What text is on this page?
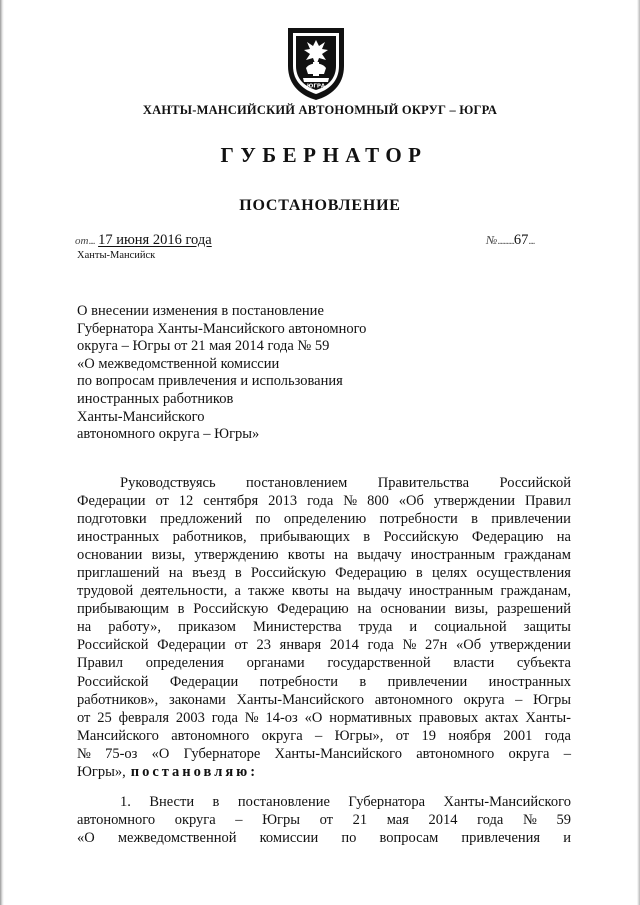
ЮГРА
ХАНТЫ-МАНСИЙСКИЙ АВТОНОМНЫЙ ОКРУГ – ЮГРА
ГУБЕРНАТОР
ПОСТАНОВЛЕНИЕ
от.... 17 июня 2016 года
Ханты-Мансийск
№...........67....
О внесении изменения в постановление
Губернатора Ханты-Мансийского автономного
округа – Югры от 21 мая 2014 года № 59
«О межведомственной комиссии
по вопросам привлечения и использования
иностранных работников
Ханты-Мансийского
автономного округа – Югры»
Руководствуясь постановлением Правительства Российской
Федерации от 12 сентября 2013 года № 800 «Об утверждении Правил
подготовки предложений по определению потребности в привлечении
иностранных работников, прибывающих в Российскую Федерацию на
основании визы, утверждению квоты на выдачу иностранным гражданам
приглашений на въезд в Российскую Федерацию в целях осуществления
трудовой деятельности, а также квоты на выдачу иностранным гражданам,
прибывающим в Российскую Федерацию на основании визы, разрешений
на работу», приказом Министерства труда и социальной защиты
Российской Федерации от 23 января 2014 года № 27н «Об утверждении
Правил определения органами государственной власти субъекта
Российской Федерации потребности в привлечении иностранных
работников», законами Ханты-Мансийского автономного округа – Югры
от 25 февраля 2003 года № 14-оз «О нормативных правовых актах Ханты-
Мансийского автономного округа – Югры», от 19 ноября 2001 года
№ 75-оз «О Губернаторе Ханты-Мансийского автономного округа –
Югры», постановляю:
1. Внести в постановление Губернатора Ханты-Мансийского
автономного округа – Югры от 21 мая 2014 года № 59
«О межведомственной комиссии по вопросам привлечения и
